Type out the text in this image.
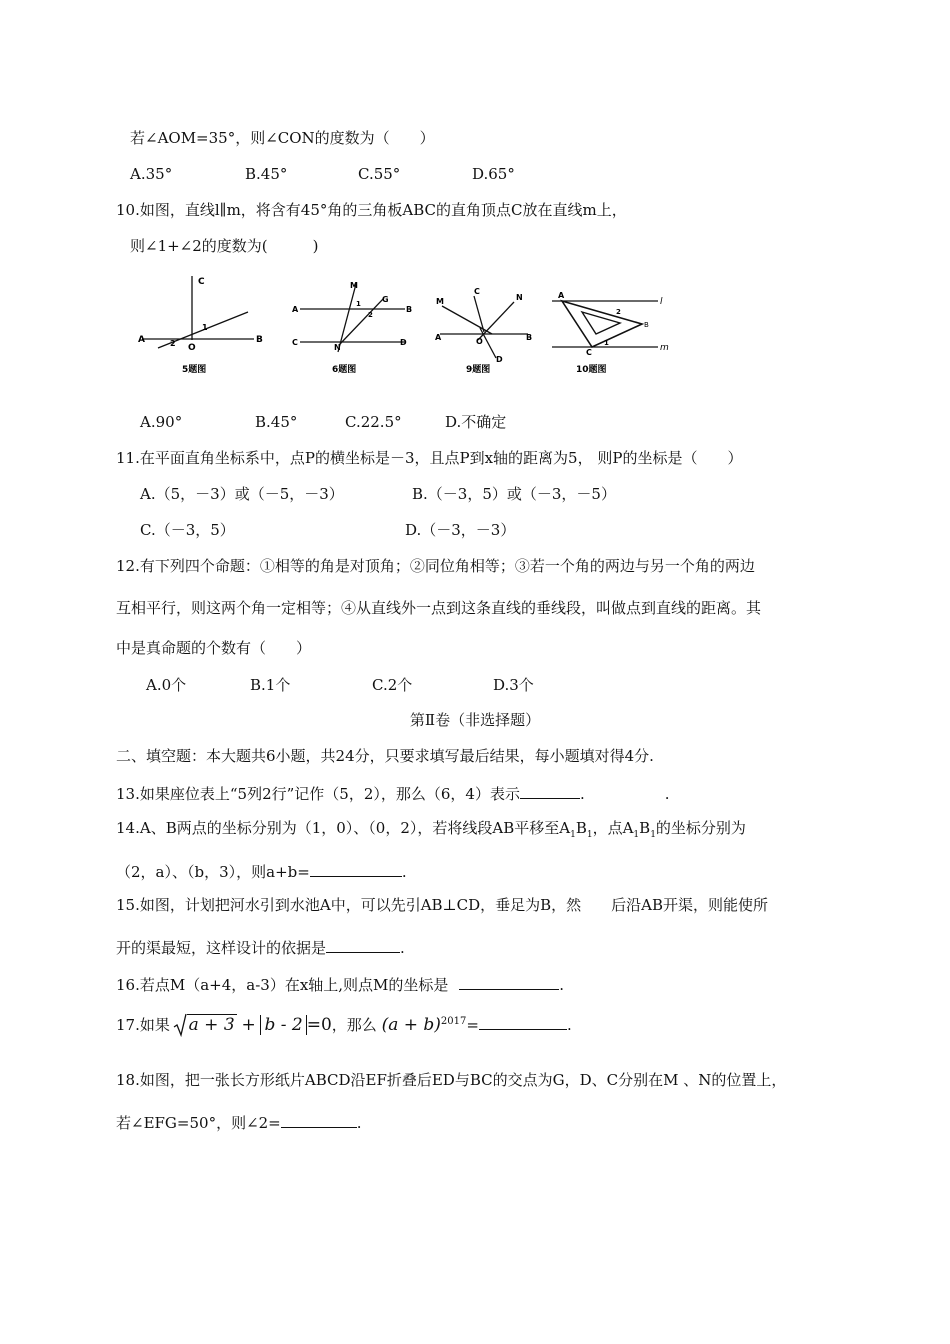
若∠AOM=35°，则∠CON的度数为（　　）
A.35°	B.45°	C.55°	D.65°
10.如图，直线l∥m，将含有45°角的三角板ABC的直角顶点C放在直线m上，
则∠1+∠2的度数为(　　　)
C
A	2 O
1
B
5题图
A
M
G
B
1
2
C
N
D
6题图
M
C
N
A	O	B
D
9题图
A
l
2
B
C
1	m
10题图
A.90°	B.45°	C.22.5°	D.不确定
11.在平面直角坐标系中，点P的横坐标是－3，且点P到x轴的距离为5， 则P的坐标是（　　）
A.（5，－3）或（－5，－3）	B.（－3，5）或（－3，－5）
C.（－3，5）	D.（－3，－3）
12.有下列四个命题：①相等的角是对顶角；②同位角相等；③若一个角的两边与另一个角的两边
互相平行，则这两个角一定相等；④从直线外一点到这条直线的垂线段，叫做点到直线的距离。其
中是真命题的个数有（　　）
A.0个	B.1个	C.2个	D.3个
第Ⅱ卷（非选择题）
二、填空题：本大题共6小题，共24分，只要求填写最后结果，每小题填对得4分.
13.如果座位表上“5列2行”记作（5，2），那么（6，4）表示	.	.
14.A、B两点的坐标分别为（1，0）、（0，2），若将线段AB平移至$A_1B_1$，点$A_1B_1$的坐标分别为
（2，a）、（b，3），则a+b=	.
15.如图，计划把河水引到水池A中，可以先引AB⊥CD，垂足为B，然　　后沿AB开渠，则能使所
开的渠最短，这样设计的依据是	.
16.若点M（a+4，a-3）在x轴上,则点M的坐标是	.
17.如果 a + 3 + b - 2 =0，那么 $(a + b)^{2017}=$	.
18.如图，把一张长方形纸片ABCD沿EF折叠后ED与BC的交点为G，D、C分别在M 、N的位置上，
若∠EFG=50°，则∠2=	.
